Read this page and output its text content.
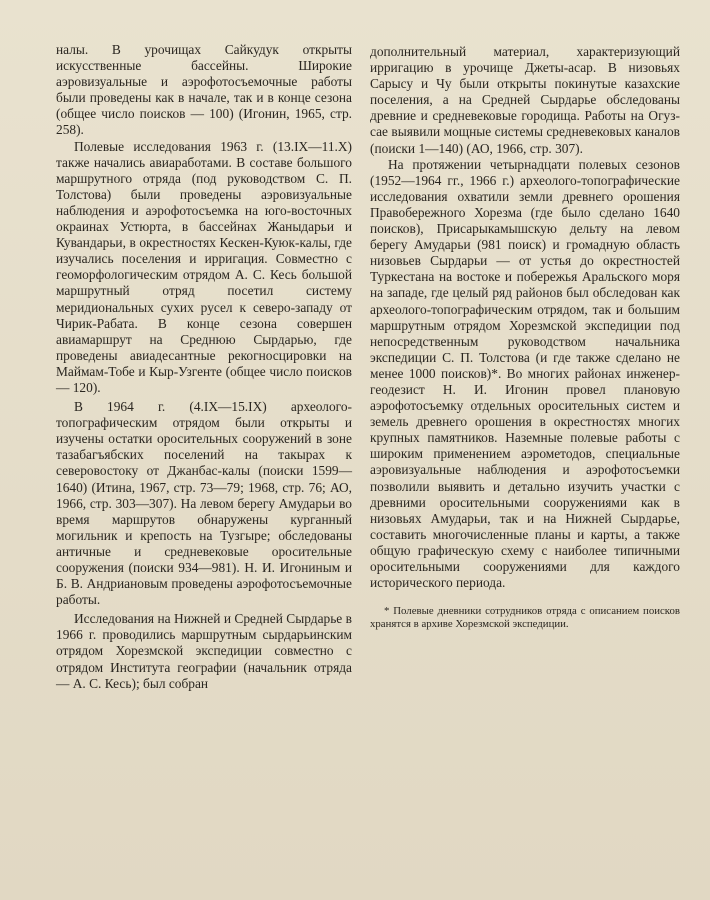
налы. В урочищах Сайкудук открыты искусственные бассейны. Широкие аэровизуальные и аэрофотосъемочные работы были проведены как в начале, так и в конце сезона (общее число поисков — 100) (Игонин, 1965, стр. 258).

Полевые исследования 1963 г. (13.IX—11.X) также начались авиаработами. В составе большого маршрутного отряда (под руководством С. П. Толстова) были проведены аэровизуальные наблюдения и аэрофотосъемка на юго-восточных окраинах Устюрта, в бассейнах Жаныдарьи и Кувандарьи, в окрестностях Кескен-Куюк-калы, где изучались поселения и ирригация. Совместно с геоморфологическим отрядом А. С. Кесь большой маршрутный отряд посетил систему меридиональных сухих русел к северо-западу от Чирик-Рабата. В конце сезона совершен авиамаршрут на Среднюю Сырдарью, где проведены авиадесантные рекогносцировки на Маймам-Тобе и Кыр-Узгенте (общее число поисков — 120).

В 1964 г. (4.IX—15.IX) археолого-топографическим отрядом были открыты и изучены остатки оросительных сооружений в зоне тазабагъябских поселений на такырах к северовостоку от Джанбас-калы (поиски 1599—1640) (Итина, 1967, стр. 73—79; 1968, стр. 76; АО, 1966, стр. 303—307). На левом берегу Амударьи во время маршрутов обнаружены курганный могильник и крепость на Тузгыре; обследованы античные и средневековые оросительные сооружения (поиски 934—981). Н. И. Игониным и Б. В. Андриановым проведены аэрофотосъемочные работы.

Исследования на Нижней и Средней Сырдарье в 1966 г. проводились маршрутным сырдарьинским отрядом Хорезмской экспедиции совместно с отрядом Института географии (начальник отряда — А. С. Кесь); был собран

дополнительный материал, характеризующий ирригацию в урочище Джеты-асар. В низовьях Сарысу и Чу были открыты покинутые казахские поселения, а на Средней Сырдарье обследованы древние и средневековые городища. Работы на Огуз-сае выявили мощные системы средневековых каналов (поиски 1—140) (АО, 1966, стр. 307).

На протяжении четырнадцати полевых сезонов (1952—1964 гг., 1966 г.) археолого-топографические исследования охватили земли древнего орошения Правобережного Хорезма (где было сделано 1640 поисков), Присарыкамышскую дельту на левом берегу Амударьи (981 поиск) и громадную область низовьев Сырдарьи — от устья до окрестностей Туркестана на востоке и побережья Аральского моря на западе, где целый ряд районов был обследован как археолого-топографическим отрядом, так и большим маршрутным отрядом Хорезмской экспедиции под непосредственным руководством начальника экспедиции С. П. Толстова (и где также сделано не менее 1000 поисков)*. Во многих районах инженер-геодезист Н. И. Игонин провел плановую аэрофотосъемку отдельных оросительных систем и земель древнего орошения в окрестностях многих крупных памятников. Наземные полевые работы с широким применением аэрометодов, специальные аэровизуальные наблюдения и аэрофотосъемки позволили выявить и детально изучить участки с древними оросительными сооружениями как в низовьях Амударьи, так и на Нижней Сырдарье, составить многочисленные планы и карты, а также общую графическую схему с наиболее типичными оросительными сооружениями для каждого исторического периода.

* Полевые дневники сотрудников отряда с описанием поисков хранятся в архиве Хорезмской экспедиции.
